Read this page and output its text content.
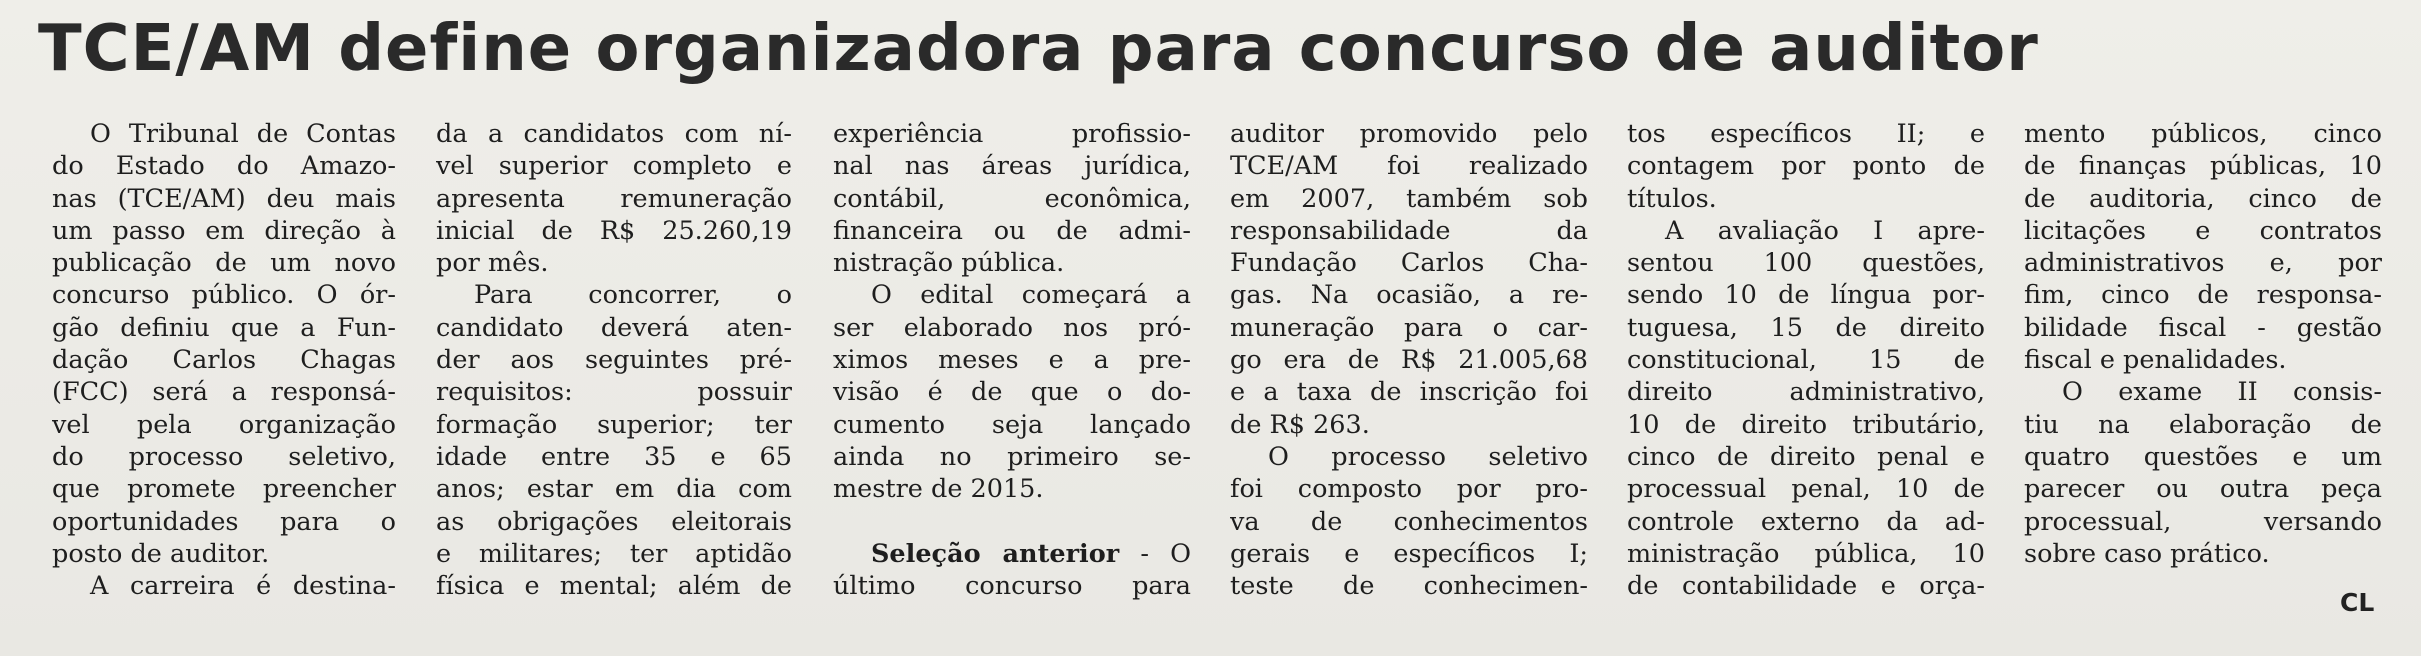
TCE/AM define organizadora para concurso de auditor
O Tribunal de Contas
do Estado do Amazo-
nas (TCE/AM) deu mais
um passo em direção à
publicação de um novo
concurso público. O ór-
gão definiu que a Fun-
dação Carlos Chagas
(FCC) será a responsá-
vel pela organização
do processo seletivo,
que promete preencher
oportunidades para o
posto de auditor.
A carreira é destina-
da a candidatos com ní-
vel superior completo e
apresenta remuneração
inicial de R$ 25.260,19
por mês.
Para concorrer, o
candidato deverá aten-
der aos seguintes pré-
requisitos: possuir
formação superior; ter
idade entre 35 e 65
anos; estar em dia com
as obrigações eleitorais
e militares; ter aptidão
física e mental; além de
experiência profissio-
nal nas áreas jurídica,
contábil, econômica,
financeira ou de admi-
nistração pública.
O edital começará a
ser elaborado nos pró-
ximos meses e a pre-
visão é de que o do-
cumento seja lançado
ainda no primeiro se-
mestre de 2015.
Seleção anterior - O
último concurso para
auditor promovido pelo
TCE/AM foi realizado
em 2007, também sob
responsabilidade da
Fundação Carlos Cha-
gas. Na ocasião, a re-
muneração para o car-
go era de R$ 21.005,68
e a taxa de inscrição foi
de R$ 263.
O processo seletivo
foi composto por pro-
va de conhecimentos
gerais e específicos I;
teste de conhecimen-
tos específicos II; e
contagem por ponto de
títulos.
A avaliação I apre-
sentou 100 questões,
sendo 10 de língua por-
tuguesa, 15 de direito
constitucional, 15 de
direito administrativo,
10 de direito tributário,
cinco de direito penal e
processual penal, 10 de
controle externo da ad-
ministração pública, 10
de contabilidade e orça-
mento públicos, cinco
de finanças públicas, 10
de auditoria, cinco de
licitações e contratos
administrativos e, por
fim, cinco de responsa-
bilidade fiscal - gestão
fiscal e penalidades.
O exame II consis-
tiu na elaboração de
quatro questões e um
parecer ou outra peça
processual, versando
sobre caso prático.
CL
